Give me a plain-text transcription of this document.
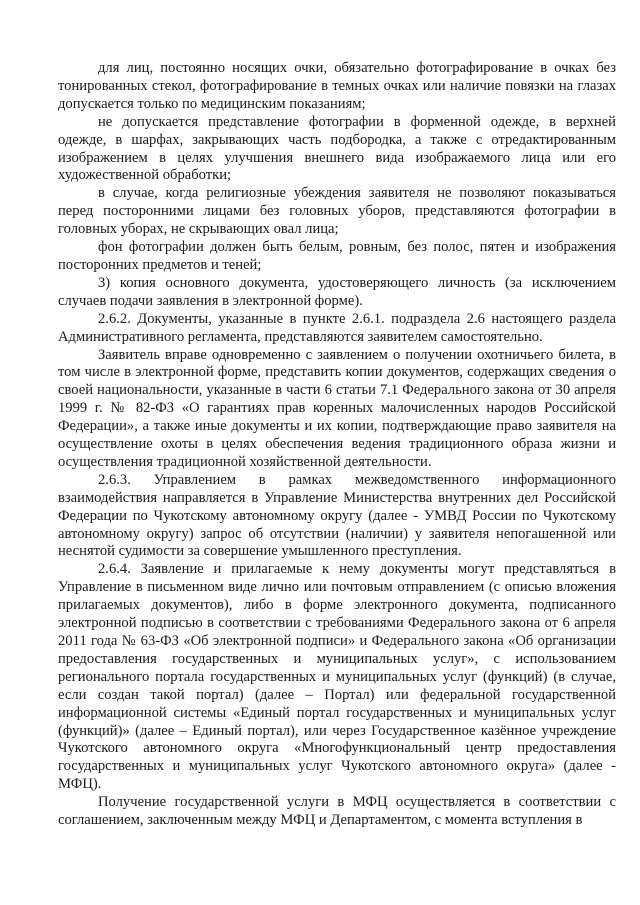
для лиц, постоянно носящих очки, обязательно фотографирование в очках без тонированных стекол, фотографирование в темных очках или наличие повязки на глазах допускается только по медицинским показаниям;

не допускается представление фотографии в форменной одежде, в верхней одежде, в шарфах, закрывающих часть подбородка, а также с отредактированным изображением в целях улучшения внешнего вида изображаемого лица или его художественной обработки;

в случае, когда религиозные убеждения заявителя не позволяют показываться перед посторонними лицами без головных уборов, представляются фотографии в головных уборах, не скрывающих овал лица;

фон фотографии должен быть белым, ровным, без полос, пятен и изображения посторонних предметов и теней;

3) копия основного документа, удостоверяющего личность (за исключением случаев подачи заявления в электронной форме).

2.6.2. Документы, указанные в пункте 2.6.1. подраздела 2.6 настоящего раздела Административного регламента, представляются заявителем самостоятельно.

Заявитель вправе одновременно с заявлением о получении охотничьего билета, в том числе в электронной форме, представить копии документов, содержащих сведения о своей национальности, указанные в части 6 статьи 7.1 Федерального закона от 30 апреля 1999 г. № 82-ФЗ «О гарантиях прав коренных малочисленных народов Российской Федерации», а также иные документы и их копии, подтверждающие право заявителя на осуществление охоты в целях обеспечения ведения традиционного образа жизни и осуществления традиционной хозяйственной деятельности.

2.6.3. Управлением в рамках межведомственного информационного взаимодействия направляется в Управление Министерства внутренних дел Российской Федерации по Чукотскому автономному округу (далее - УМВД России по Чукотскому автономному округу) запрос об отсутствии (наличии) у заявителя непогашенной или неснятой судимости за совершение умышленного преступления.

2.6.4. Заявление и прилагаемые к нему документы могут представляться в Управление в письменном виде лично или почтовым отправлением (с описью вложения прилагаемых документов), либо в форме электронного документа, подписанного электронной подписью в соответствии с требованиями Федерального закона от 6 апреля 2011 года № 63-ФЗ «Об электронной подписи» и Федерального закона «Об организации предоставления государственных и муниципальных услуг», с использованием регионального портала государственных и муниципальных услуг (функций) (в случае, если создан такой портал) (далее – Портал) или федеральной государственной информационной системы «Единый портал государственных и муниципальных услуг (функций)» (далее – Единый портал), или через Государственное казённое учреждение Чукотского автономного округа «Многофункциональный центр предоставления государственных и муниципальных услуг Чукотского автономного округа» (далее - МФЦ).

Получение государственной услуги в МФЦ осуществляется в соответствии с соглашением, заключенным между МФЦ и Департаментом, с момента вступления в
